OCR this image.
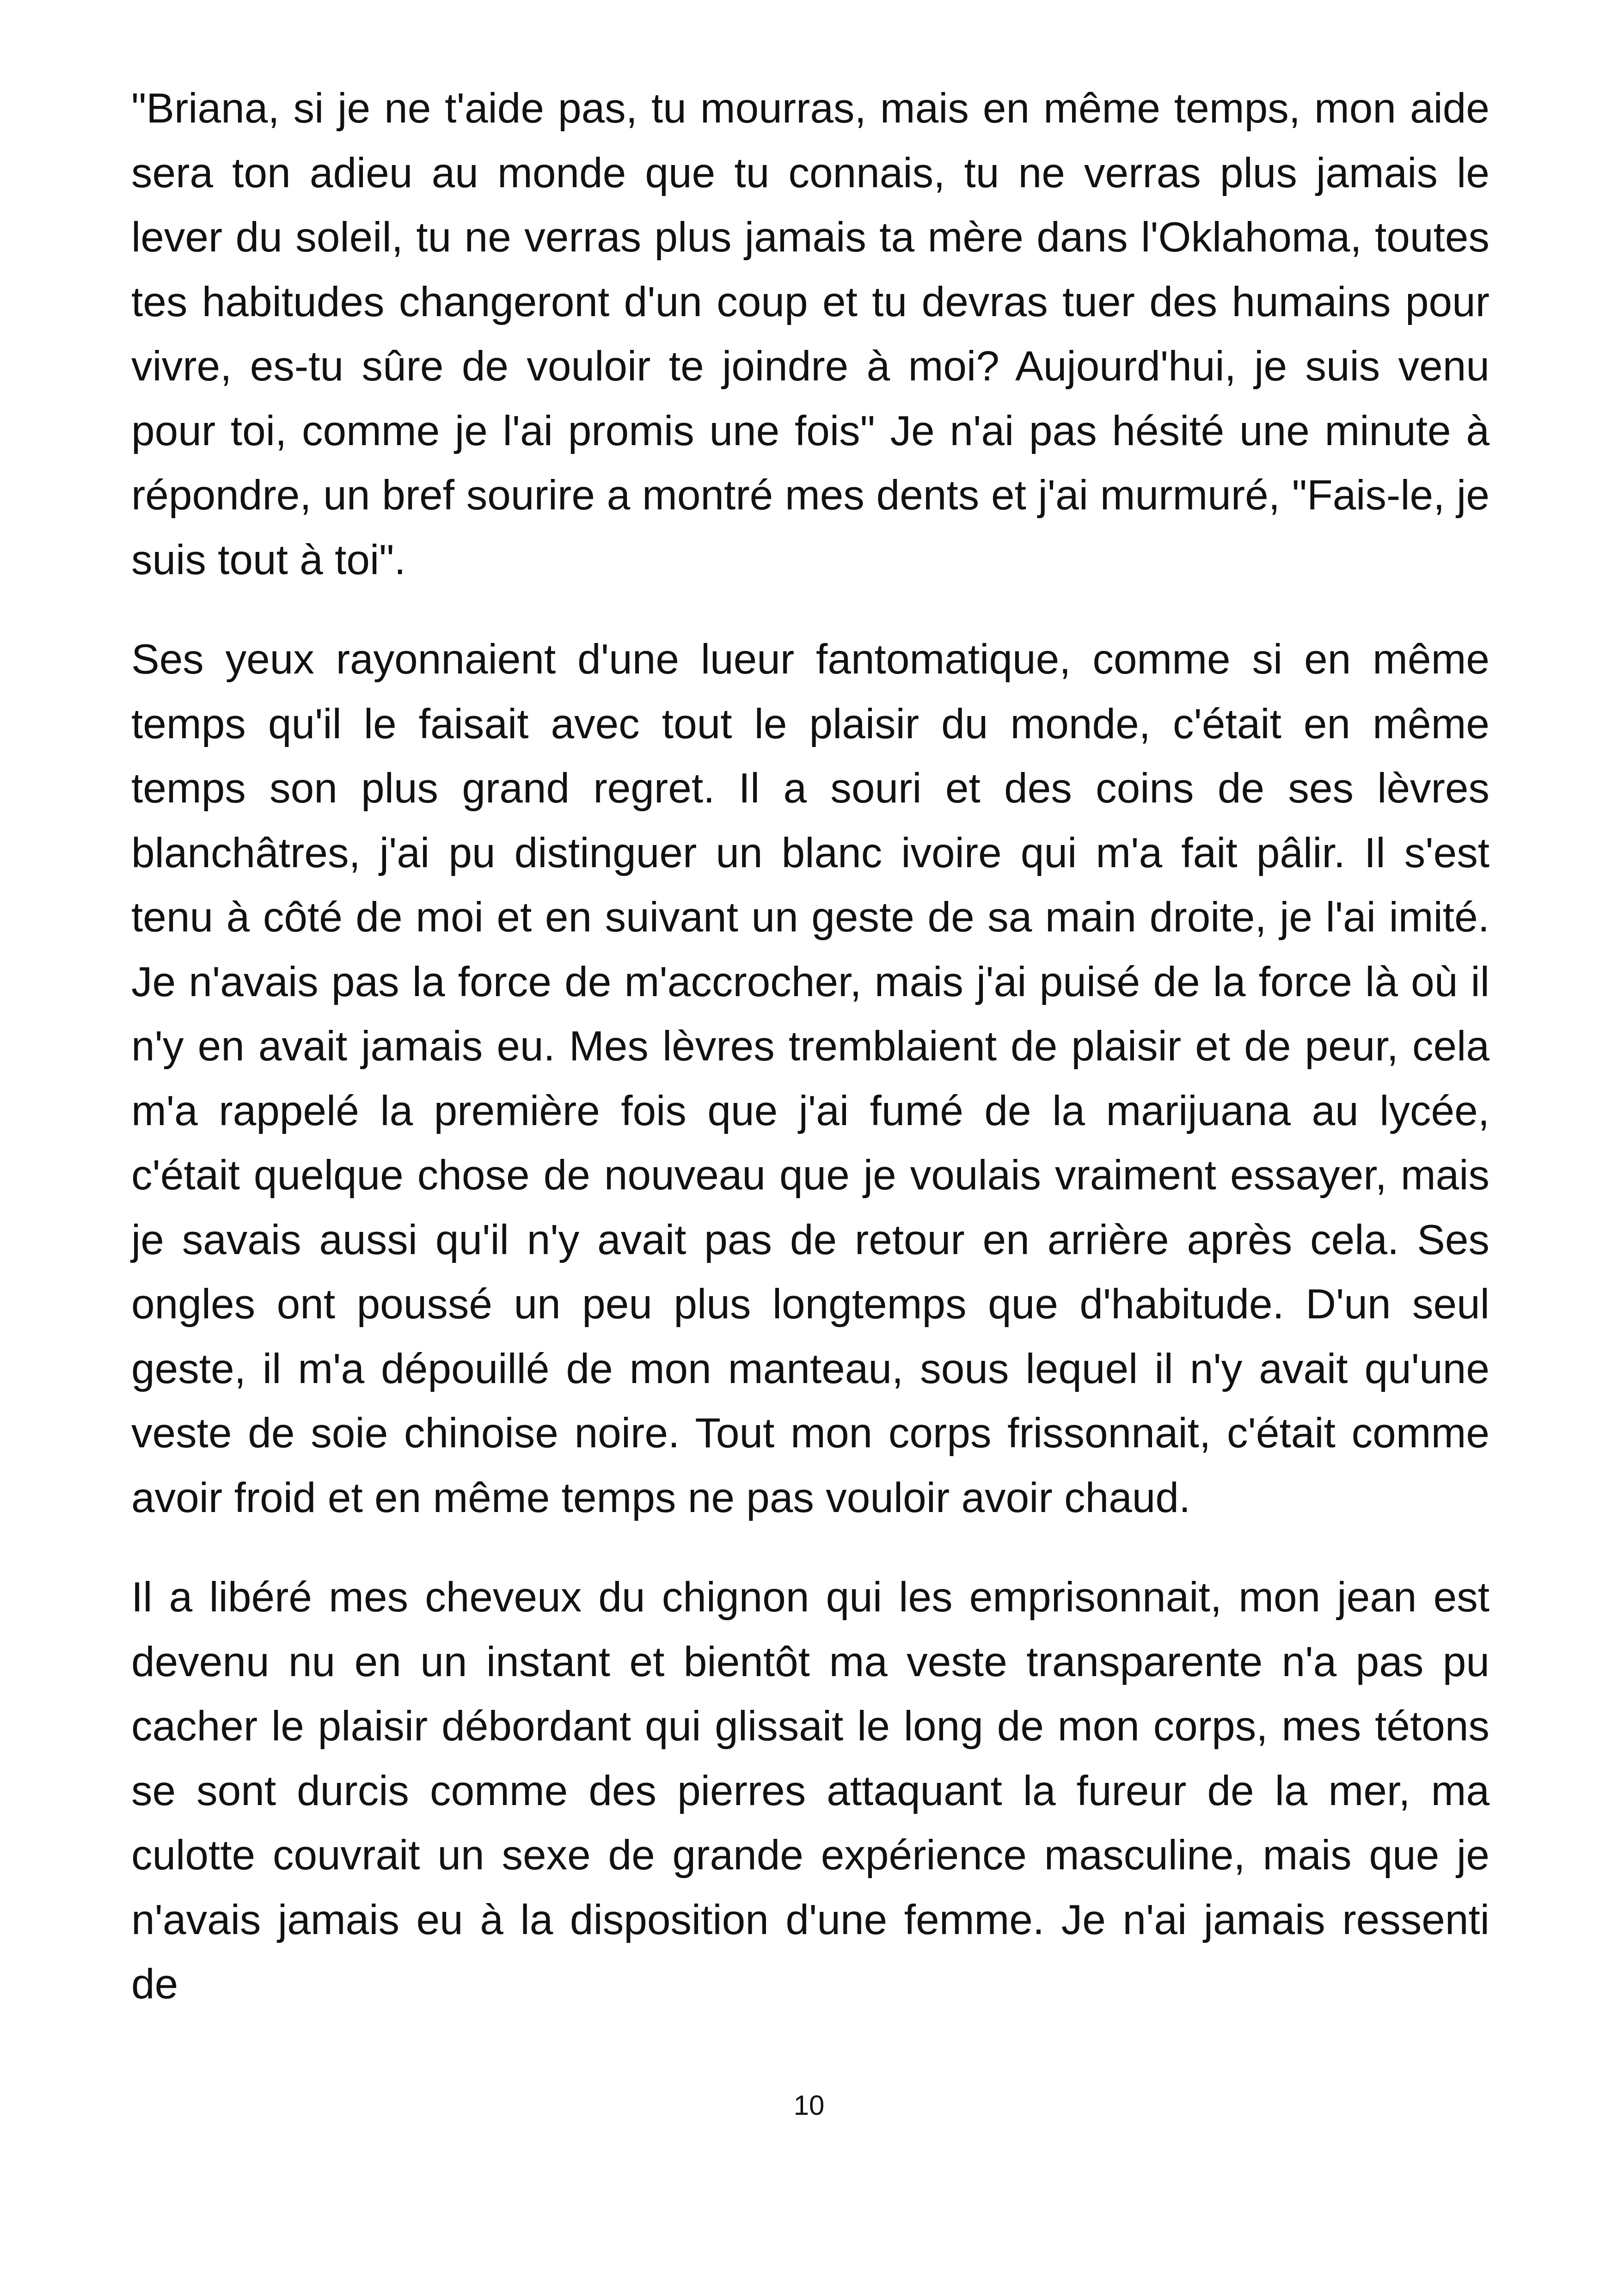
"Briana, si je ne t'aide pas, tu mourras, mais en même temps, mon aide sera ton adieu au monde que tu connais, tu ne verras plus jamais le lever du soleil, tu ne verras plus jamais ta mère dans l'Oklahoma, toutes tes habitudes changeront d'un coup et tu devras tuer des humains pour vivre, es-tu sûre de vouloir te joindre à moi? Aujourd'hui, je suis venu pour toi, comme je l'ai promis une fois" Je n'ai pas hésité une minute à répondre, un bref sourire a montré mes dents et j'ai murmuré, "Fais-le, je suis tout à toi".

Ses yeux rayonnaient d'une lueur fantomatique, comme si en même temps qu'il le faisait avec tout le plaisir du monde, c'était en même temps son plus grand regret. Il a souri et des coins de ses lèvres blanchâtres, j'ai pu distinguer un blanc ivoire qui m'a fait pâlir. Il s'est tenu à côté de moi et en suivant un geste de sa main droite, je l'ai imité. Je n'avais pas la force de m'accrocher, mais j'ai puisé de la force là où il n'y en avait jamais eu. Mes lèvres tremblaient de plaisir et de peur, cela m'a rappelé la première fois que j'ai fumé de la marijuana au lycée, c'était quelque chose de nouveau que je voulais vraiment essayer, mais je savais aussi qu'il n'y avait pas de retour en arrière après cela. Ses ongles ont poussé un peu plus longtemps que d'habitude. D'un seul geste, il m'a dépouillé de mon manteau, sous lequel il n'y avait qu'une veste de soie chinoise noire. Tout mon corps frissonnait, c'était comme avoir froid et en même temps ne pas vouloir avoir chaud.

Il a libéré mes cheveux du chignon qui les emprisonnait, mon jean est devenu nu en un instant et bientôt ma veste transparente n'a pas pu cacher le plaisir débordant qui glissait le long de mon corps, mes tétons se sont durcis comme des pierres attaquant la fureur de la mer, ma culotte couvrait un sexe de grande expérience masculine, mais que je n'avais jamais eu à la disposition d'une femme. Je n'ai jamais ressenti de

10
